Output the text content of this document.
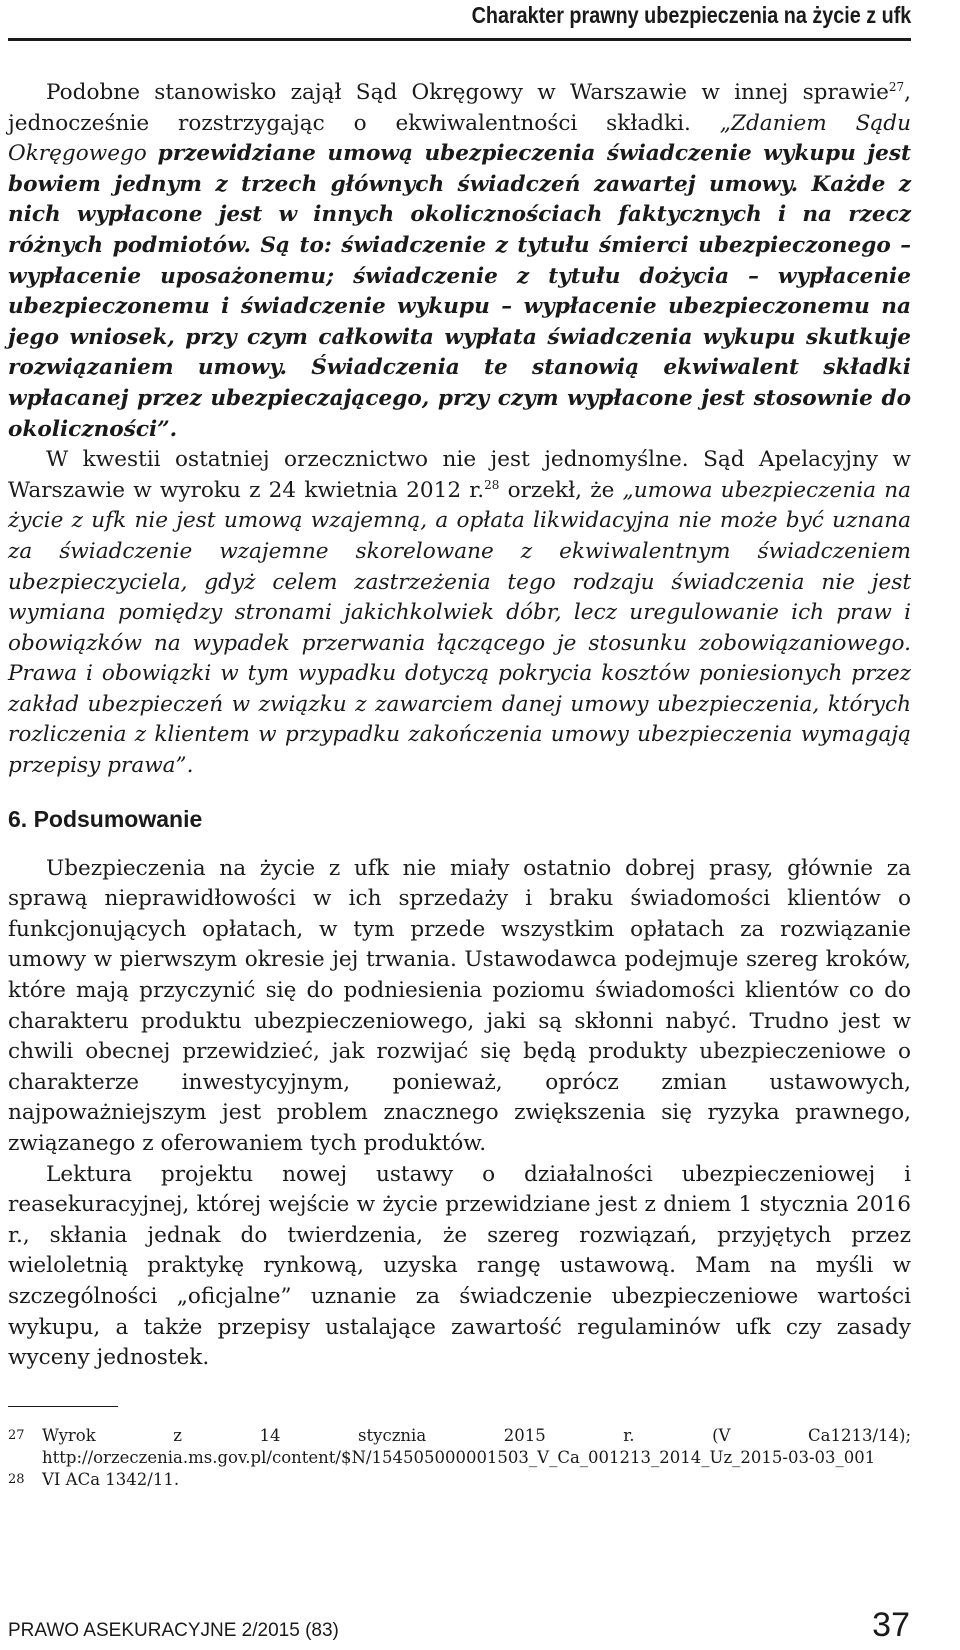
Charakter prawny ubezpieczenia na życie z ufk

Podobne stanowisko zajął Sąd Okręgowy w Warszawie w innej sprawie$^{27}$, jednocześnie rozstrzygając o ekwiwalentności składki. „Zdaniem Sądu Okręgowego przewidziane umową ubezpieczenia świadczenie wykupu jest bowiem jednym z trzech głównych świadczeń zawartej umowy. Każde z nich wypłacone jest w innych okolicznościach faktycznych i na rzecz różnych podmiotów. Są to: świadczenie z tytułu śmierci ubezpieczonego – wypłacenie uposażonemu; świadczenie z tytułu dożycia – wypłacenie ubezpieczonemu i świadczenie wykupu – wypłacenie ubezpieczonemu na jego wniosek, przy czym całkowita wypłata świadczenia wykupu skutkuje rozwiązaniem umowy. Świadczenia te stanowią ekwiwalent składki wpłacanej przez ubezpieczającego, przy czym wypłacone jest stosownie do okoliczności”.

W kwestii ostatniej orzecznictwo nie jest jednomyślne. Sąd Apelacyjny w Warszawie w wyroku z 24 kwietnia 2012 r.$^{28}$ orzekł, że „umowa ubezpieczenia na życie z ufk nie jest umową wzajemną, a opłata likwidacyjna nie może być uznana za świadczenie wzajemne skorelowane z ekwiwalentnym świadczeniem ubezpieczyciela, gdyż celem zastrzeżenia tego rodzaju świadczenia nie jest wymiana pomiędzy stronami jakichkolwiek dóbr, lecz uregulowanie ich praw i obowiązków na wypadek przerwania łączącego je stosunku zobowiązaniowego. Prawa i obowiązki w tym wypadku dotyczą pokrycia kosztów poniesionych przez zakład ubezpieczeń w związku z zawarciem danej umowy ubezpieczenia, których rozliczenia z klientem w przypadku zakończenia umowy ubezpieczenia wymagają przepisy prawa”.

6. Podsumowanie

Ubezpieczenia na życie z ufk nie miały ostatnio dobrej prasy, głównie za sprawą nieprawidłowości w ich sprzedaży i braku świadomości klientów o funkcjonujących opłatach, w tym przede wszystkim opłatach za rozwiązanie umowy w pierwszym okresie jej trwania. Ustawodawca podejmuje szereg kroków, które mają przyczynić się do podniesienia poziomu świadomości klientów co do charakteru produktu ubezpieczeniowego, jaki są skłonni nabyć. Trudno jest w chwili obecnej przewidzieć, jak rozwijać się będą produkty ubezpieczeniowe o charakterze inwestycyjnym, ponieważ, oprócz zmian ustawowych, najpoważniejszym jest problem znacznego zwiększenia się ryzyka prawnego, związanego z oferowaniem tych produktów.

Lektura projektu nowej ustawy o działalności ubezpieczeniowej i reasekuracyjnej, której wejście w życie przewidziane jest z dniem 1 stycznia 2016 r., skłania jednak do twierdzenia, że szereg rozwiązań, przyjętych przez wieloletnią praktykę rynkową, uzyska rangę ustawową. Mam na myśli w szczególności „oficjalne” uznanie za świadczenie ubezpieczeniowe wartości wykupu, a także przepisy ustalające zawartość regulaminów ufk czy zasady wyceny jednostek.

27 Wyrok z 14 stycznia 2015 r. (V Ca1213/14); http://orzeczenia.ms.gov.pl/content/$N/154505000001503_V_Ca_001213_2014_Uz_2015-03-03_001
28 VI ACa 1342/11.
PRAWO ASEKURACYJNE 2/2015 (83)	37
